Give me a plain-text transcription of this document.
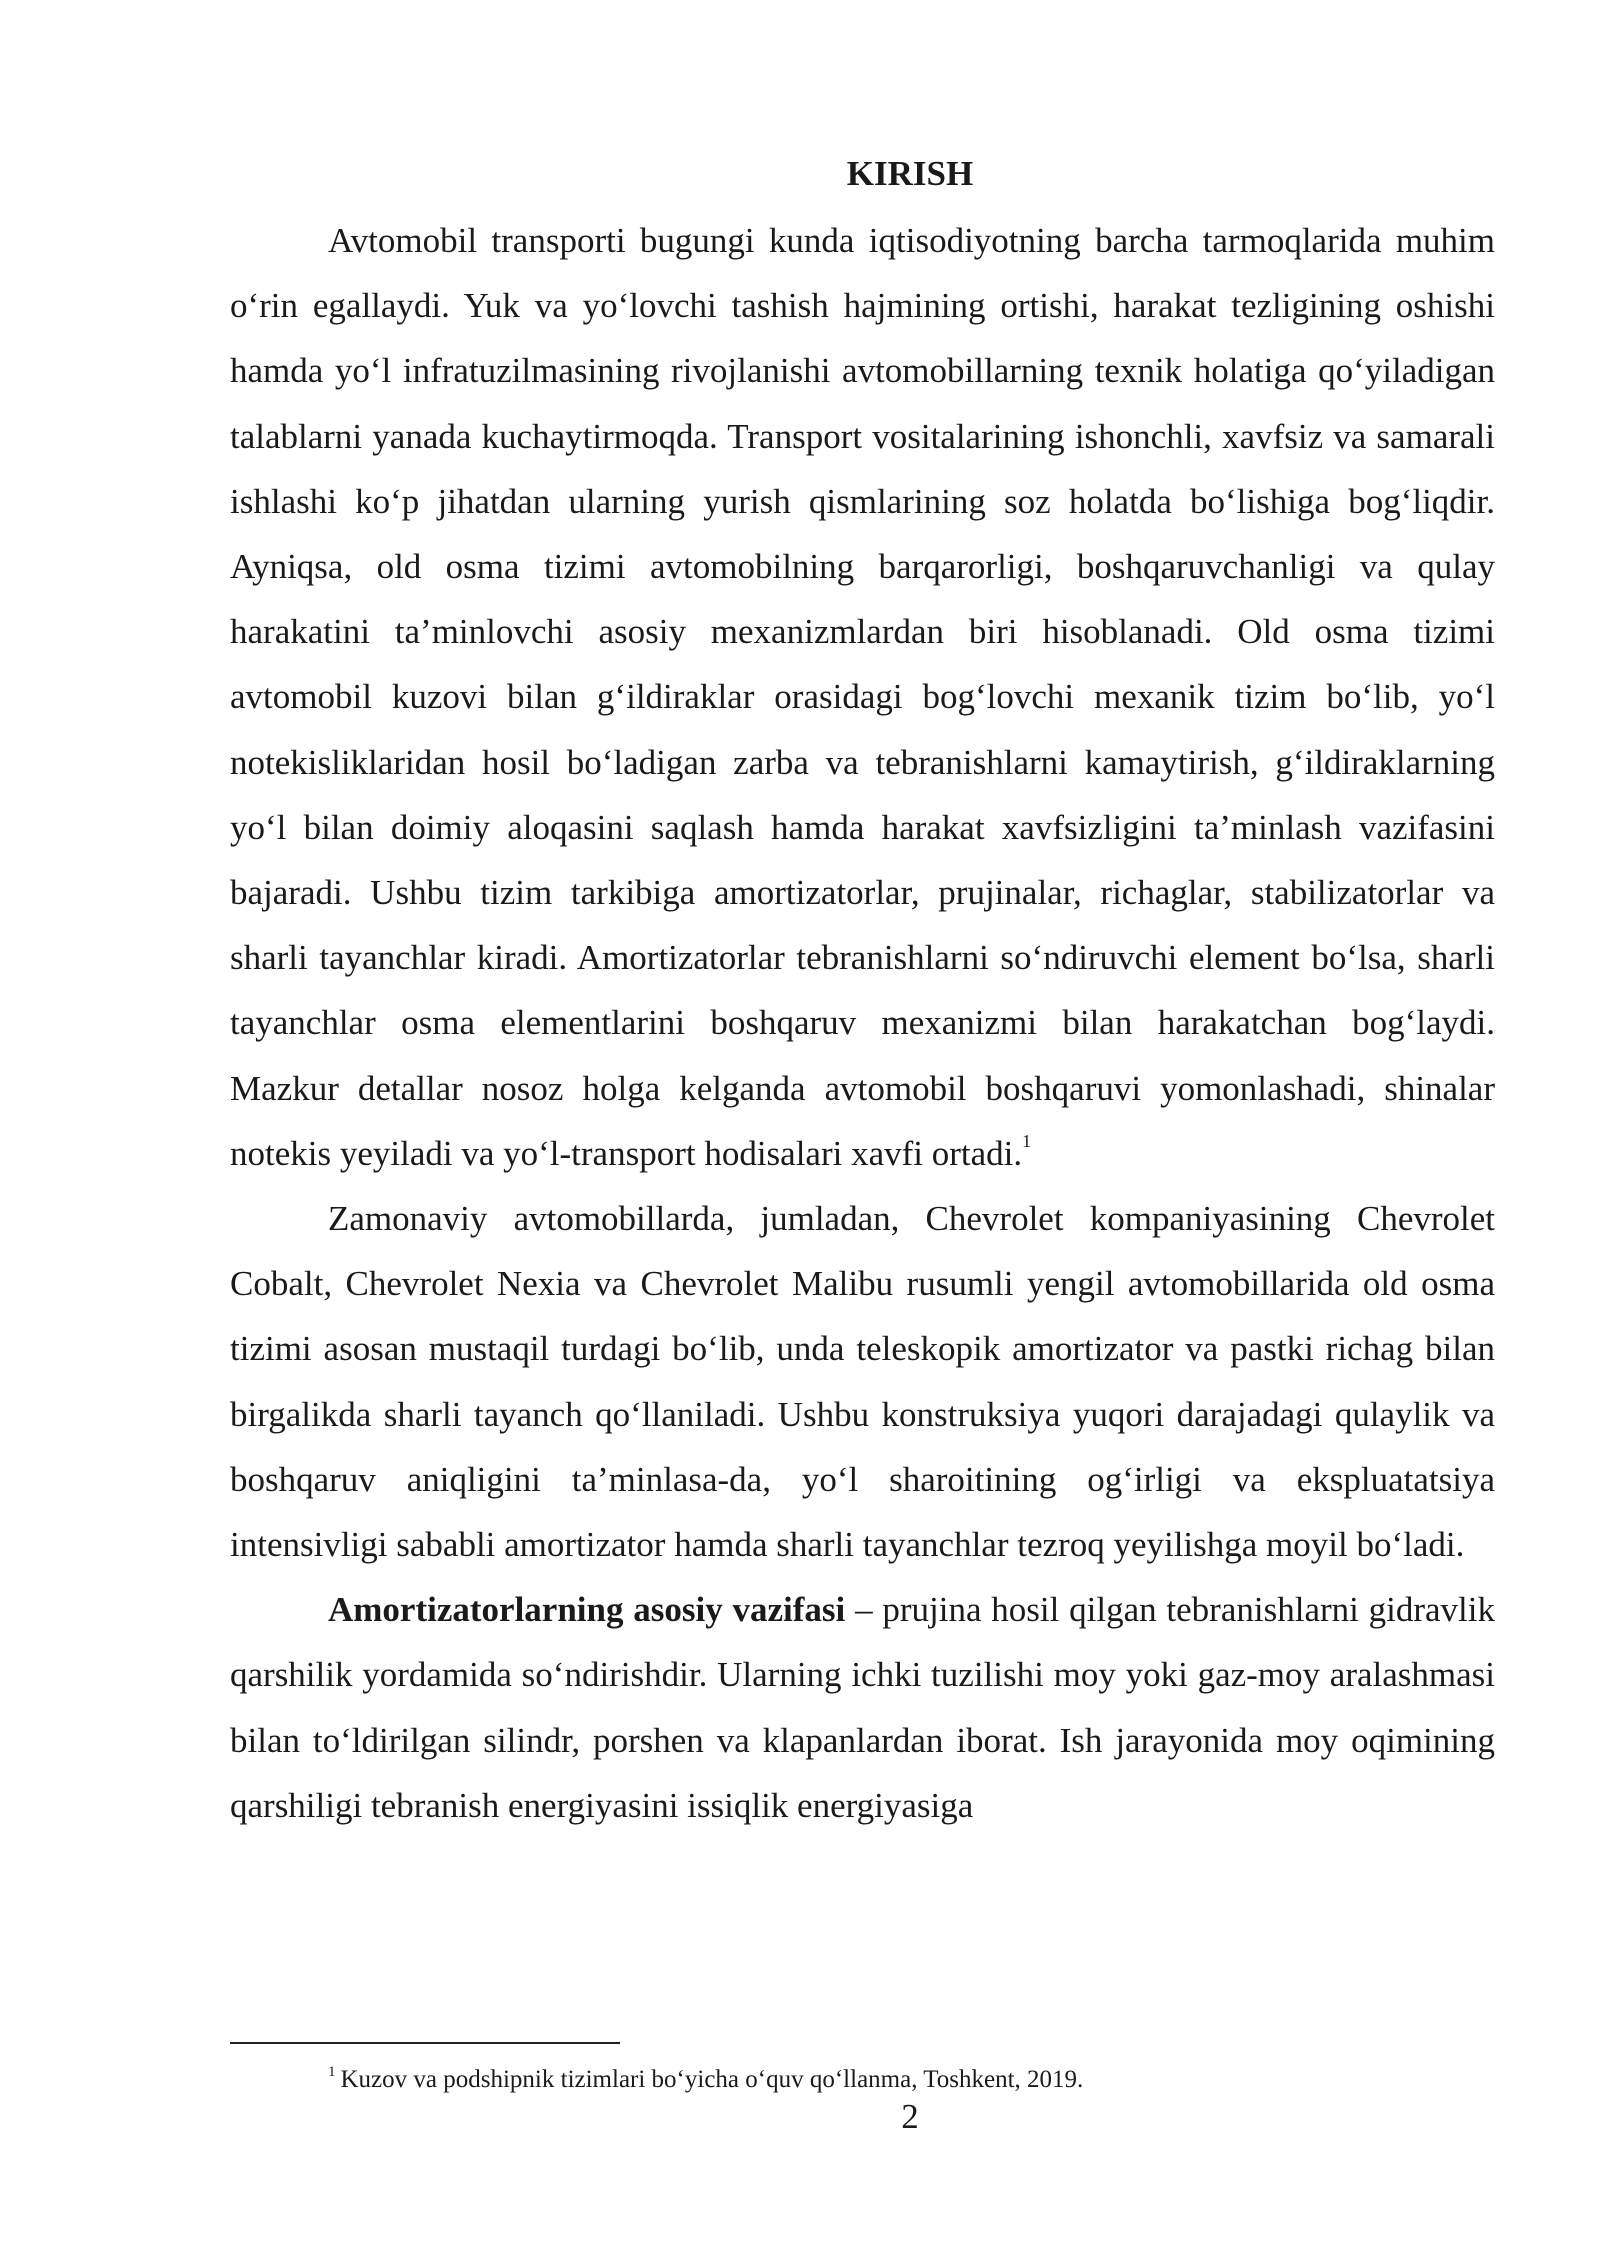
KIRISH

Avtomobil transporti bugungi kunda iqtisodiyotning barcha tarmoqlarida muhim o‘rin egallaydi. Yuk va yo‘lovchi tashish hajmining ortishi, harakat tezligining oshishi hamda yo‘l infratuzilmasining rivojlanishi avtomobillarning texnik holatiga qo‘yiladigan talablarni yanada kuchaytirmoqda. Transport vositalarining ishonchli, xavfsiz va samarali ishlashi ko‘p jihatdan ularning yurish qismlarining soz holatda bo‘lishiga bog‘liqdir. Ayniqsa, old osma tizimi avtomobilning barqarorligi, boshqaruvchanligi va qulay harakatini ta’minlovchi asosiy mexanizmlardan biri hisoblanadi. Old osma tizimi avtomobil kuzovi bilan g‘ildiraklar orasidagi bog‘lovchi mexanik tizim bo‘lib, yo‘l notekisliklaridan hosil bo‘ladigan zarba va tebranishlarni kamaytirish, g‘ildiraklarning yo‘l bilan doimiy aloqasini saqlash hamda harakat xavfsizligini ta’minlash vazifasini bajaradi. Ushbu tizim tarkibiga amortizatorlar, prujinalar, richaglar, stabilizatorlar va sharli tayanchlar kiradi. Amortizatorlar tebranishlarni so‘ndiruvchi element bo‘lsa, sharli tayanchlar osma elementlarini boshqaruv mexanizmi bilan harakatchan bog‘laydi. Mazkur detallar nosoz holga kelganda avtomobil boshqaruvi yomonlashadi, shinalar notekis yeyiladi va yo‘l-transport hodisalari xavfi ortadi.$^1$

Zamonaviy avtomobillarda, jumladan, Chevrolet kompaniyasining Chevrolet Cobalt, Chevrolet Nexia va Chevrolet Malibu rusumli yengil avtomobillarida old osma tizimi asosan mustaqil turdagi bo‘lib, unda teleskopik amortizator va pastki richag bilan birgalikda sharli tayanch qo‘llaniladi. Ushbu konstruksiya yuqori darajadagi qulaylik va boshqaruv aniqligini ta’minlasa-da, yo‘l sharoitining og‘irligi va ekspluatatsiya intensivligi sababli amortizator hamda sharli tayanchlar tezroq yeyilishga moyil bo‘ladi.

Amortizatorlarning asosiy vazifasi – prujina hosil qilgan tebranishlarni gidravlik qarshilik yordamida so‘ndirishdir. Ularning ichki tuzilishi moy yoki gaz-moy aralashmasi bilan to‘ldirilgan silindr, porshen va klapanlardan iborat. Ish jarayonida moy oqimining qarshiligi tebranish energiyasini issiqlik energiyasiga

$^1$ Kuzov va podshipnik tizimlari bo‘yicha o‘quv qo‘llanma, Toshkent, 2019.
2
